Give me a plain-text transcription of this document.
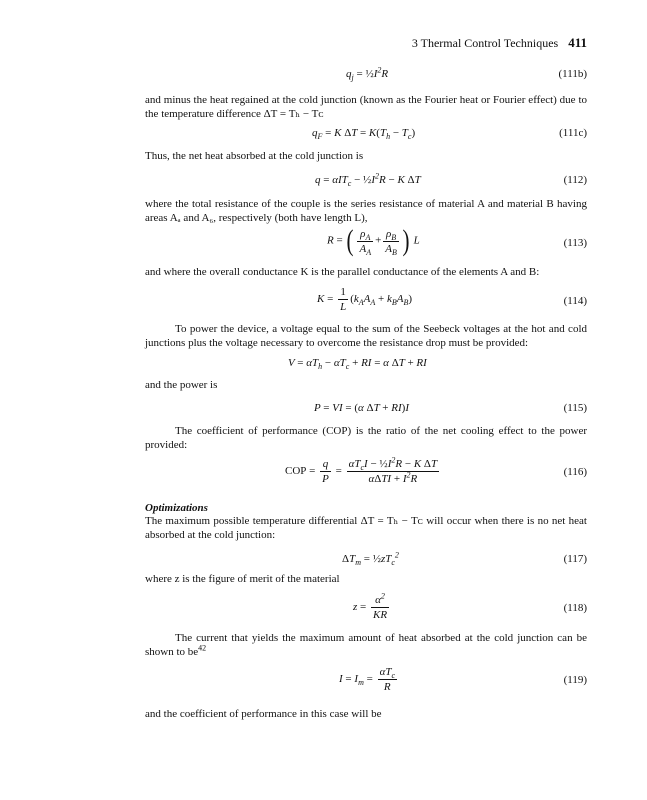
3 Thermal Control Techniques 411
$q_j$ = $\frac{1}{2}I^2R$	(111b)
and minus the heat regained at the cold junction (known as the Fourier heat or Fourier effect) due to the temperature difference ΔT = Tₕ − Tᴄ
$q_F = K$ $\Delta T = K(T_h - T_c)$	(111c)
Thus, the net heat absorbed at the cold junction is
$q = \alpha IT_c - \frac{1}{2}I^2R - K$ ΔT	(112)
where the total resistance of the couple is the series resistance of material A and material B having areas Aₐ and A₆, respectively (both have length L),
R = ( $\frac{\rho_A}{A_A} + \frac{\rho_B}{A_B}$ ) L	(113)
and where the overall conductance K is the parallel conductance of the elements A and B:
$K = \frac{1}{L} (k_AA_A + k_BA_B)$	(114)
To power the device, a voltage equal to the sum of the Seebeck voltages at the hot and cold junctions plus the voltage necessary to overcome the resistance drop must be provided:
$V = \alpha T_h - \alpha T_c$ + RI = α ΔT + RI
and the power is
P = VI = (α ΔT + RI)I	(115)
The coefficient of performance (COP) is the ratio of the net cooling effect to the power provided:
COP = $\frac{q}{P} = \frac{\alpha T_cI - \frac{1}{2}I^2R - K \Delta T}{\alpha\Delta TI + I^2R}$	(116)
Optimizations
The maximum possible temperature differential ΔT = Tₕ − Tᴄ will occur when there is no net heat absorbed at the cold junction:
$\Delta T_m$ = $\frac{1}{2}zT_c^2$	(117)
where z is the figure of merit of the material
$z = \frac{\alpha^2}{KR}$	(118)
The current that yields the maximum amount of heat absorbed at the cold junction can be shown to $be^{42}$
$I = I_m = \frac{\alpha T_c}{R}$	(119)
and the coefficient of performance in this case will be
